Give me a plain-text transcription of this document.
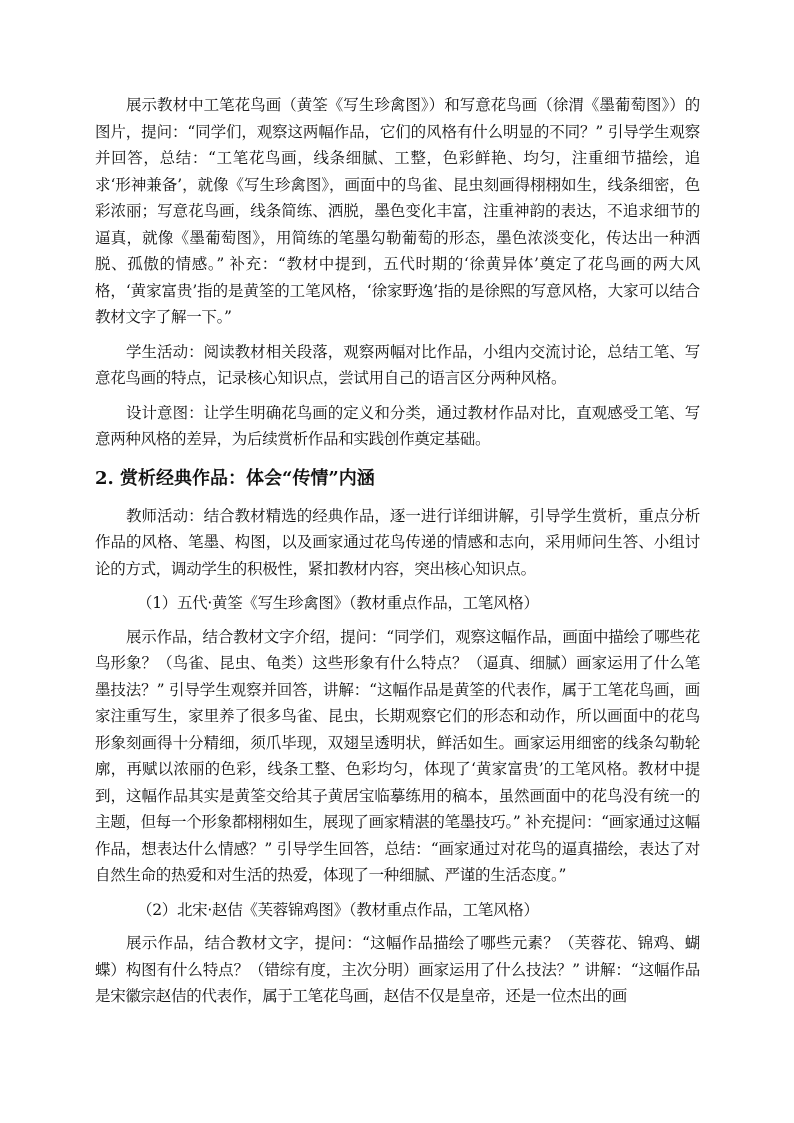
展示教材中工笔花鸟画（黄筌《写生珍禽图》）和写意花鸟画（徐渭《墨葡萄图》）的图片，提问：“同学们，观察这两幅作品，它们的风格有什么明显的不同？” 引导学生观察并回答，总结：“工笔花鸟画，线条细腻、工整，色彩鲜艳、均匀，注重细节描绘，追求‘形神兼备’，就像《写生珍禽图》，画面中的鸟雀、昆虫刻画得栩栩如生，线条细密，色彩浓丽；写意花鸟画，线条简练、洒脱，墨色变化丰富，注重神韵的表达，不追求细节的逼真，就像《墨葡萄图》，用简练的笔墨勾勒葡萄的形态，墨色浓淡变化，传达出一种洒脱、孤傲的情感。” 补充：“教材中提到，五代时期的‘徐黄异体’奠定了花鸟画的两大风格，‘黄家富贵’指的是黄筌的工笔风格，‘徐家野逸’指的是徐熙的写意风格，大家可以结合教材文字了解一下。”

学生活动：阅读教材相关段落，观察两幅对比作品，小组内交流讨论，总结工笔、写意花鸟画的特点，记录核心知识点，尝试用自己的语言区分两种风格。

设计意图：让学生明确花鸟画的定义和分类，通过教材作品对比，直观感受工笔、写意两种风格的差异，为后续赏析作品和实践创作奠定基础。

2. 赏析经典作品：体会“传情”内涵

教师活动：结合教材精选的经典作品，逐一进行详细讲解，引导学生赏析，重点分析作品的风格、笔墨、构图，以及画家通过花鸟传递的情感和志向，采用师问生答、小组讨论的方式，调动学生的积极性，紧扣教材内容，突出核心知识点。

（1）五代·黄筌《写生珍禽图》（教材重点作品，工笔风格）

展示作品，结合教材文字介绍，提问：“同学们，观察这幅作品，画面中描绘了哪些花鸟形象？（鸟雀、昆虫、龟类）这些形象有什么特点？（逼真、细腻）画家运用了什么笔墨技法？” 引导学生观察并回答，讲解：“这幅作品是黄筌的代表作，属于工笔花鸟画，画家注重写生，家里养了很多鸟雀、昆虫，长期观察它们的形态和动作，所以画面中的花鸟形象刻画得十分精细，须爪毕现，双翅呈透明状，鲜活如生。画家运用细密的线条勾勒轮廓，再赋以浓丽的色彩，线条工整、色彩均匀，体现了‘黄家富贵’的工笔风格。教材中提到，这幅作品其实是黄筌交给其子黄居宝临摹练用的稿本，虽然画面中的花鸟没有统一的主题，但每一个形象都栩栩如生，展现了画家精湛的笔墨技巧。” 补充提问：“画家通过这幅作品，想表达什么情感？” 引导学生回答，总结：“画家通过对花鸟的逼真描绘，表达了对自然生命的热爱和对生活的热爱，体现了一种细腻、严谨的生活态度。”

（2）北宋·赵佶《芙蓉锦鸡图》（教材重点作品，工笔风格）

展示作品，结合教材文字，提问：“这幅作品描绘了哪些元素？（芙蓉花、锦鸡、蝴蝶）构图有什么特点？（错综有度，主次分明）画家运用了什么技法？” 讲解：“这幅作品是宋徽宗赵佶的代表作，属于工笔花鸟画，赵佶不仅是皇帝，还是一位杰出的画
